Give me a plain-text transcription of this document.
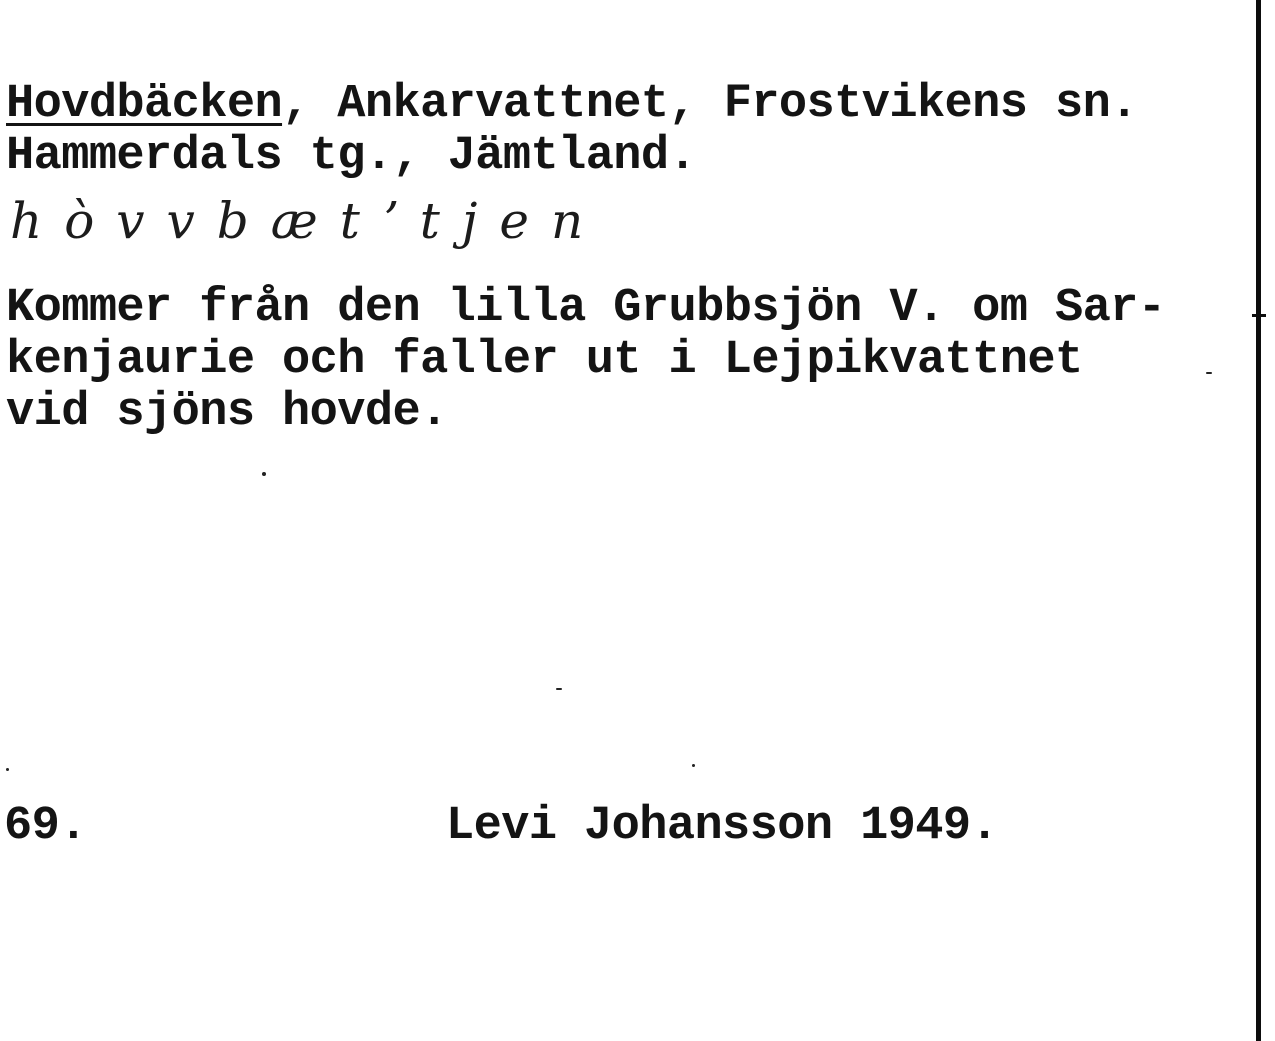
Hovdbäcken, Ankarvattnet, Frostvikens sn.

Hammerdals tg., Jämtland.

hòvvbætʼtjen

Kommer från den lilla Grubbsjön V. om Sar-

kenjaurie och faller ut i Lejpikvattnet

vid sjöns hovde.

69.	Levi Johansson 1949.
